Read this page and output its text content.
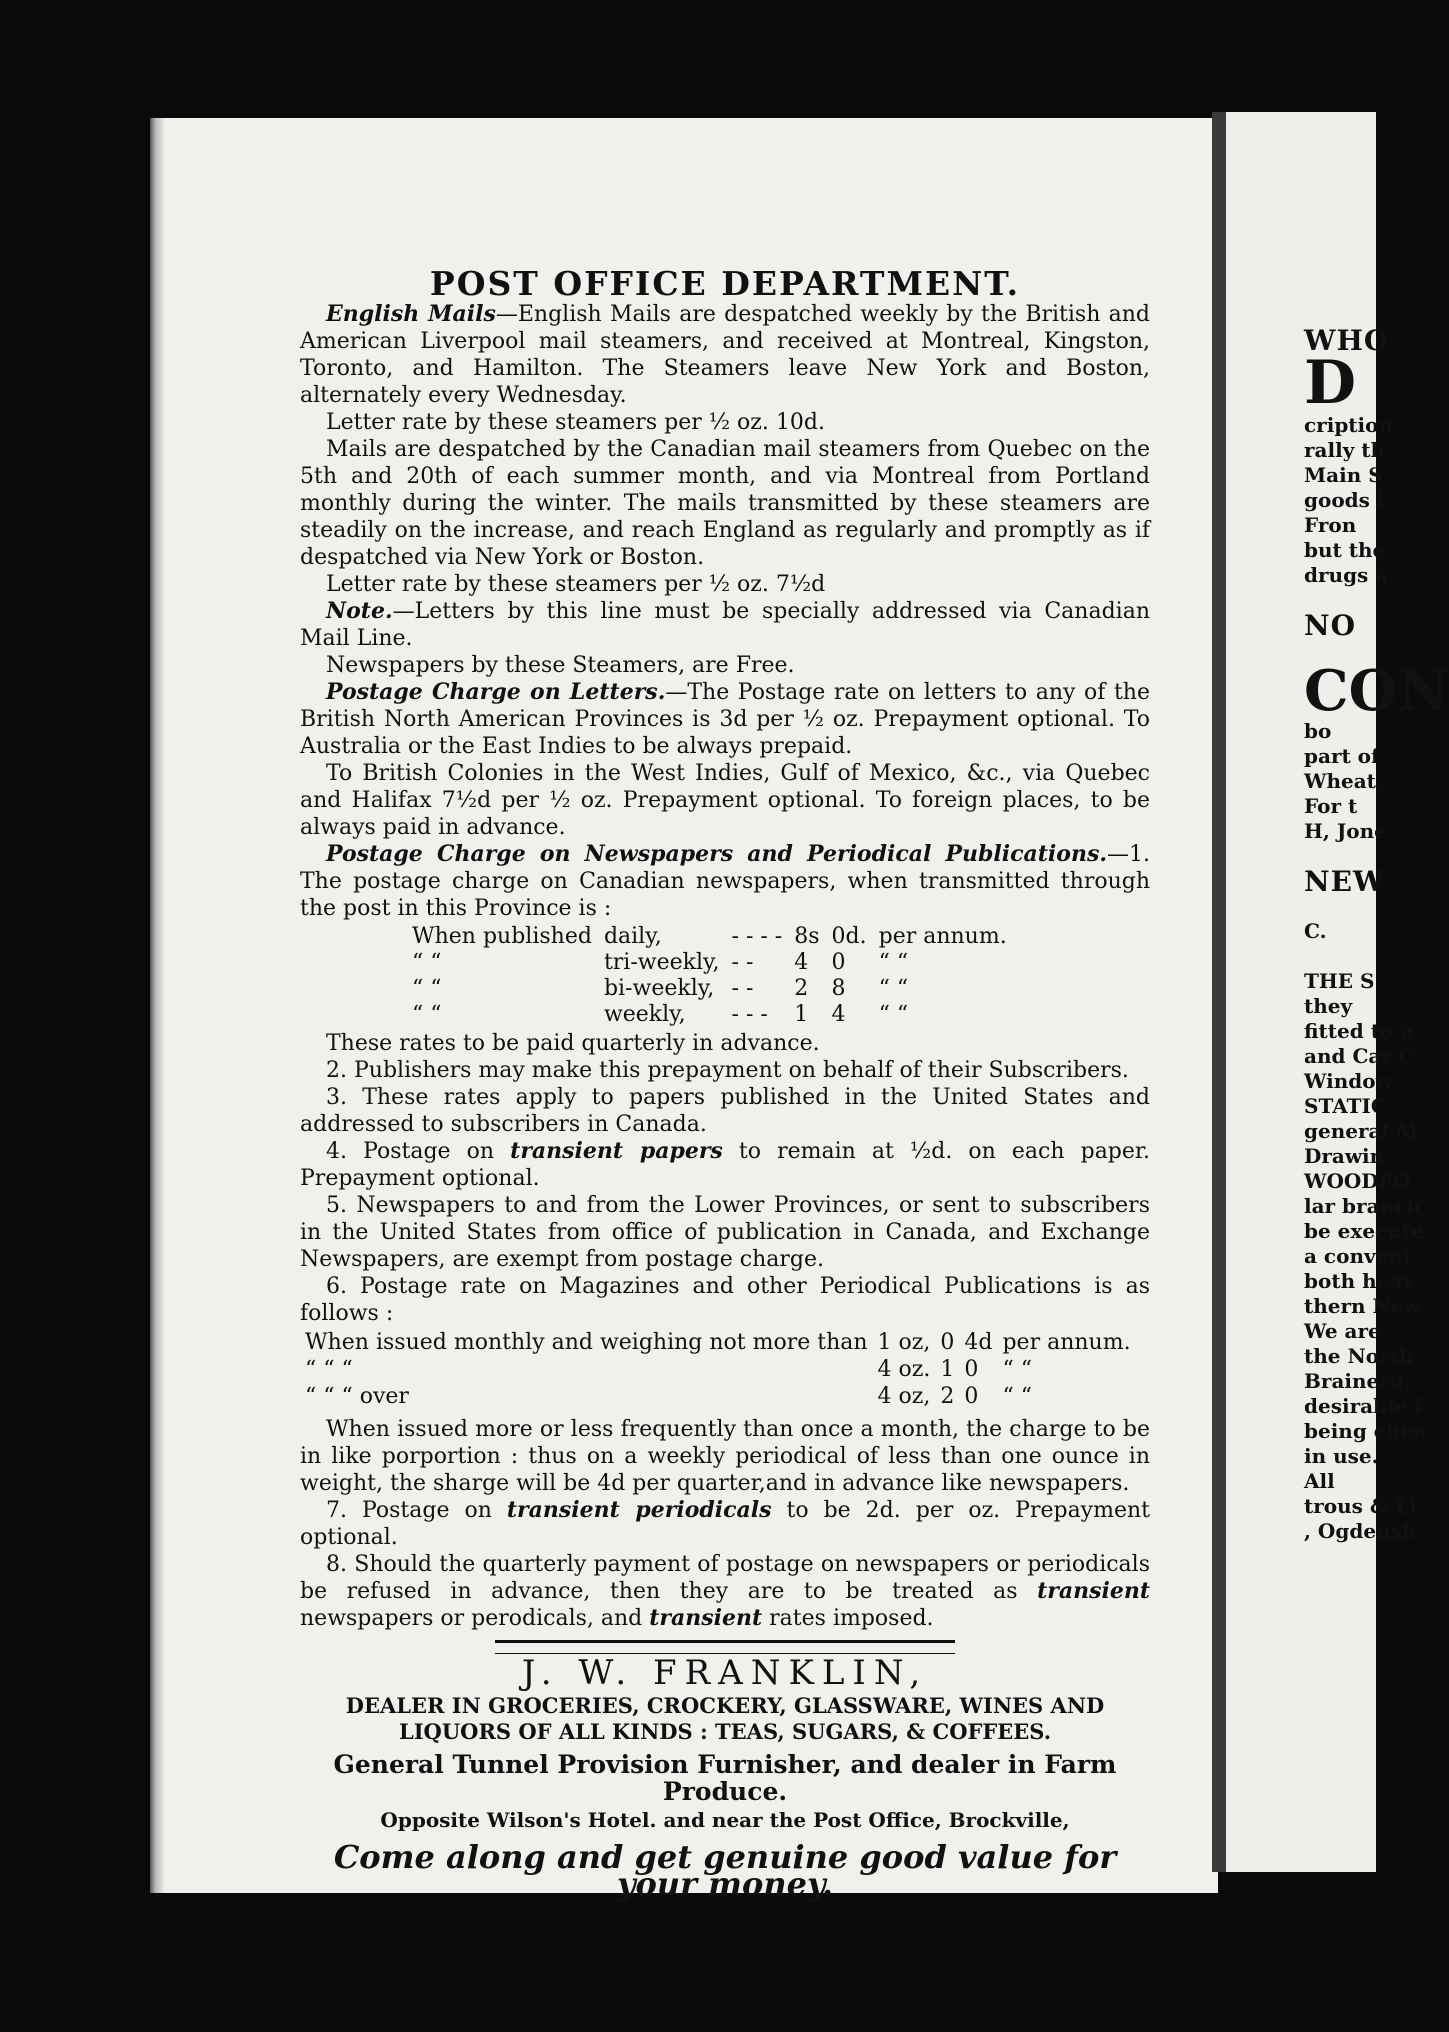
WHO
D
cription
rally th
Main S
goods i
Fron
but the
drugs a

NO

CON
bo
part of
Wheat,
For t
H, Jone

NEW

C.

THE S
they
fitted to a
and Car C
Window
STATIC
general M
Drawin
WOODFO
lar branch
be execute
a conveni
both heav
thern New
We are
the North
Brainerd,
desirable f
being chea
in use.
All
trous & Li
, Ogdensb
POST OFFICE DEPARTMENT.

English Mails—English Mails are despatched weekly by the British and American Liverpool mail steamers, and received at Montreal, Kingston, Toronto, and Hamilton. The Steamers leave New York and Boston, alternately every Wednesday.

Letter rate by these steamers per ½ oz. 10d.

Mails are despatched by the Canadian mail steamers from Quebec on the 5th and 20th of each summer month, and via Montreal from Portland monthly during the winter. The mails transmitted by these steamers are steadily on the increase, and reach England as regularly and promptly as if despatched via New York or Boston.

Letter rate by these steamers per ½ oz. 7½d

Note.—Letters by this line must be specially addressed via Canadian Mail Line.

Newspapers by these Steamers, are Free.

Postage Charge on Letters.—The Postage rate on letters to any of the British North American Provinces is 3d per ½ oz. Prepayment optional. To Australia or the East Indies to be always prepaid.

To British Colonies in the West Indies, Gulf of Mexico, &c., via Quebec and Halifax 7½d per ½ oz. Prepayment optional. To foreign places, to be always paid in advance.

Postage Charge on Newspapers and Periodical Publications.—1. The postage charge on Canadian newspapers, when transmitted through the post in this Province is :

When published	daily,	- - - -	8s	0d.	per annum.
“ “	tri-weekly,	- -	4	0	“ “
“ “	bi-weekly,	- -	2	8	“ “
“ “	weekly,	- - -	1	4	“ “

These rates to be paid quarterly in advance.

2. Publishers may make this prepayment on behalf of their Subscribers.

3. These rates apply to papers published in the United States and addressed to subscribers in Canada.

4. Postage on transient papers to remain at ½d. on each paper. Prepayment optional.

5. Newspapers to and from the Lower Provinces, or sent to subscribers in the United States from office of publication in Canada, and Exchange Newspapers, are exempt from postage charge.

6. Postage rate on Magazines and other Periodical Publications is as follows :

When issued monthly and weighing not more than	1 oz,	0	4d	per annum.
“ “ “	4 oz.	1	0	“ “
“ “ “ over	4 oz,	2	0	“ “

When issued more or less frequently than once a month, the charge to be in like porportion : thus on a weekly periodical of less than one ounce in weight, the sharge will be 4d per quarter,and in advance like newspapers.

7. Postage on transient periodicals to be 2d. per oz. Prepayment optional.

8. Should the quarterly payment of postage on newspapers or periodicals be refused in advance, then they are to be treated as transient newspapers or perodicals, and transient rates imposed.

J. W. FRANKLIN,
DEALER IN GROCERIES, CROCKERY, GLASSWARE, WINES AND LIQUORS OF ALL KINDS : TEAS, SUGARS, & COFFEES.
General Tunnel Provision Furnisher, and dealer in Farm Produce.
Opposite Wilson's Hotel. and near the Post Office, Brockville,
Come along and get genuine good value for your money.
